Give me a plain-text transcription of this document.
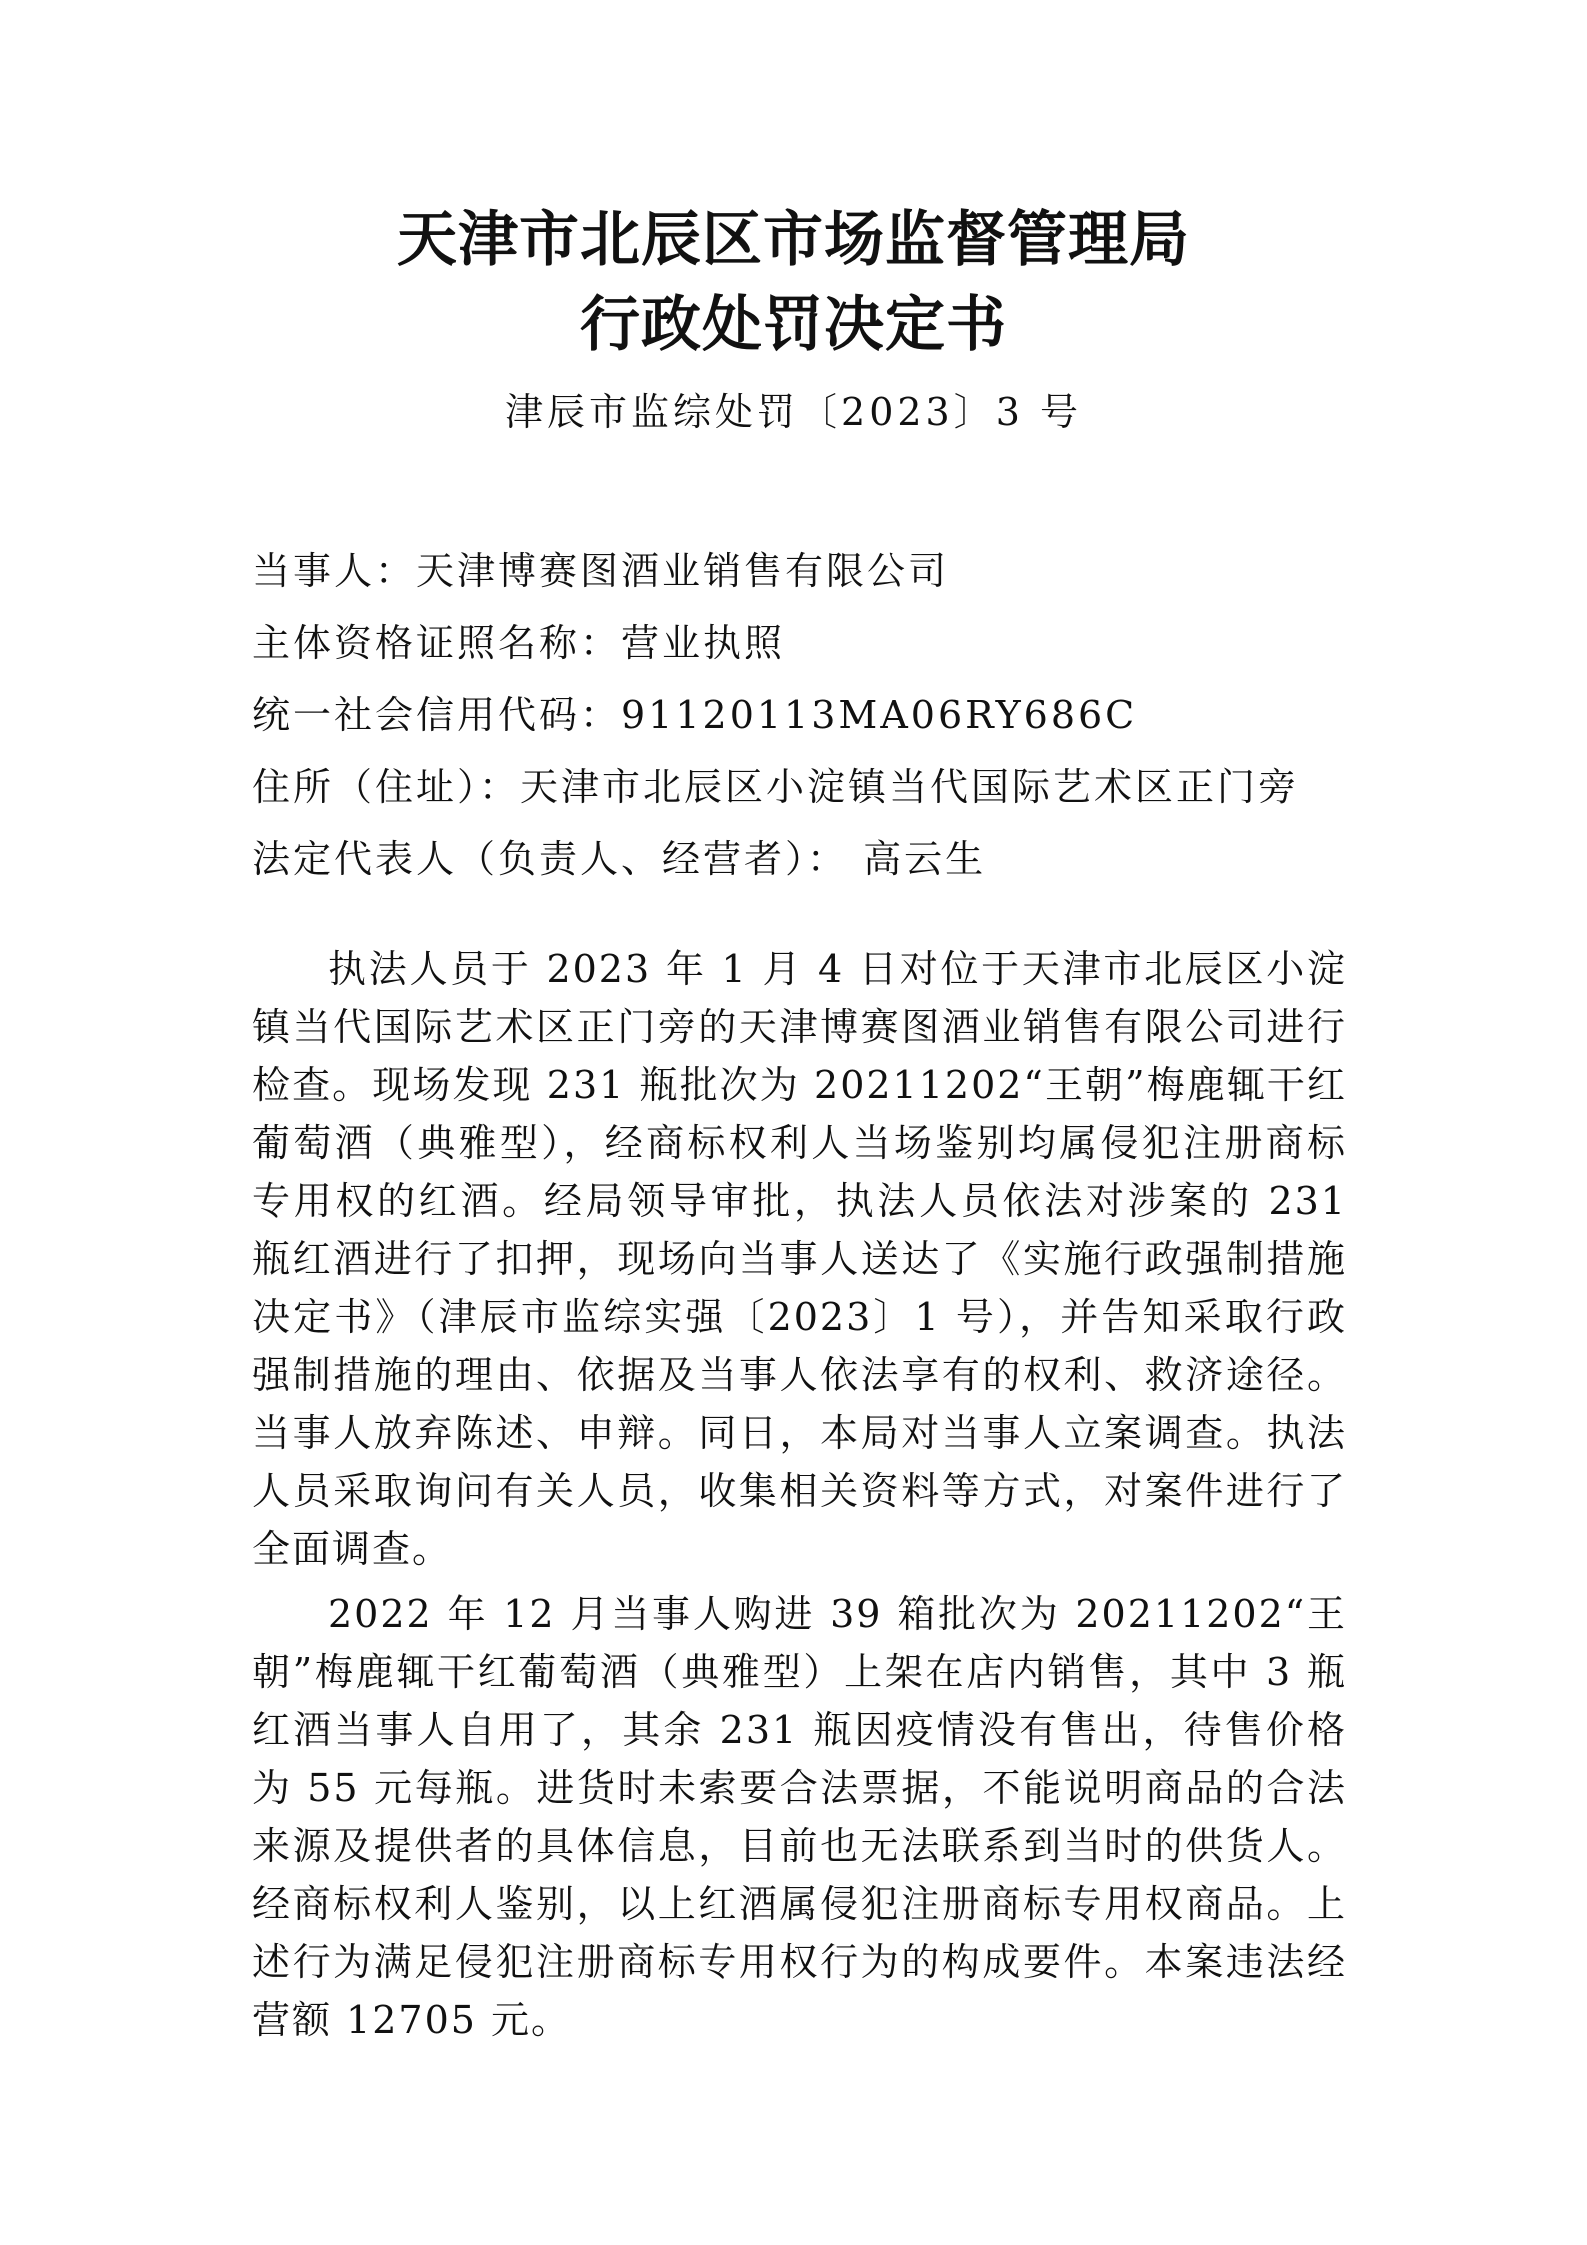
天津市北辰区市场监督管理局
行政处罚决定书
津辰市监综处罚〔2023〕3 号
当事人：天津博赛图酒业销售有限公司
主体资格证照名称：营业执照
统一社会信用代码：91120113MA06RY686C
住所（住址）：天津市北辰区小淀镇当代国际艺术区正门旁
法定代表人（负责人、经营者）： 高云生

执法人员于 2023 年 1 月 4 日对位于天津市北辰区小淀镇当代国际艺术区正门旁的天津博赛图酒业销售有限公司进行检查。现场发现 231 瓶批次为 20211202“王朝”梅鹿辄干红葡萄酒（典雅型），经商标权利人当场鉴别均属侵犯注册商标专用权的红酒。经局领导审批，执法人员依法对涉案的 231 瓶红酒进行了扣押，现场向当事人送达了《实施行政强制措施决定书》（津辰市监综实强〔2023〕1 号），并告知采取行政强制措施的理由、依据及当事人依法享有的权利、救济途径。当事人放弃陈述、申辩。同日，本局对当事人立案调查。执法人员采取询问有关人员，收集相关资料等方式，对案件进行了全面调查。

2022 年 12 月当事人购进 39 箱批次为 20211202“王朝”梅鹿辄干红葡萄酒（典雅型）上架在店内销售，其中 3 瓶红酒当事人自用了，其余 231 瓶因疫情没有售出，待售价格为 55 元每瓶。进货时未索要合法票据，不能说明商品的合法来源及提供者的具体信息，目前也无法联系到当时的供货人。经商标权利人鉴别，以上红酒属侵犯注册商标专用权商品。上述行为满足侵犯注册商标专用权行为的构成要件。本案违法经营额 12705 元。
